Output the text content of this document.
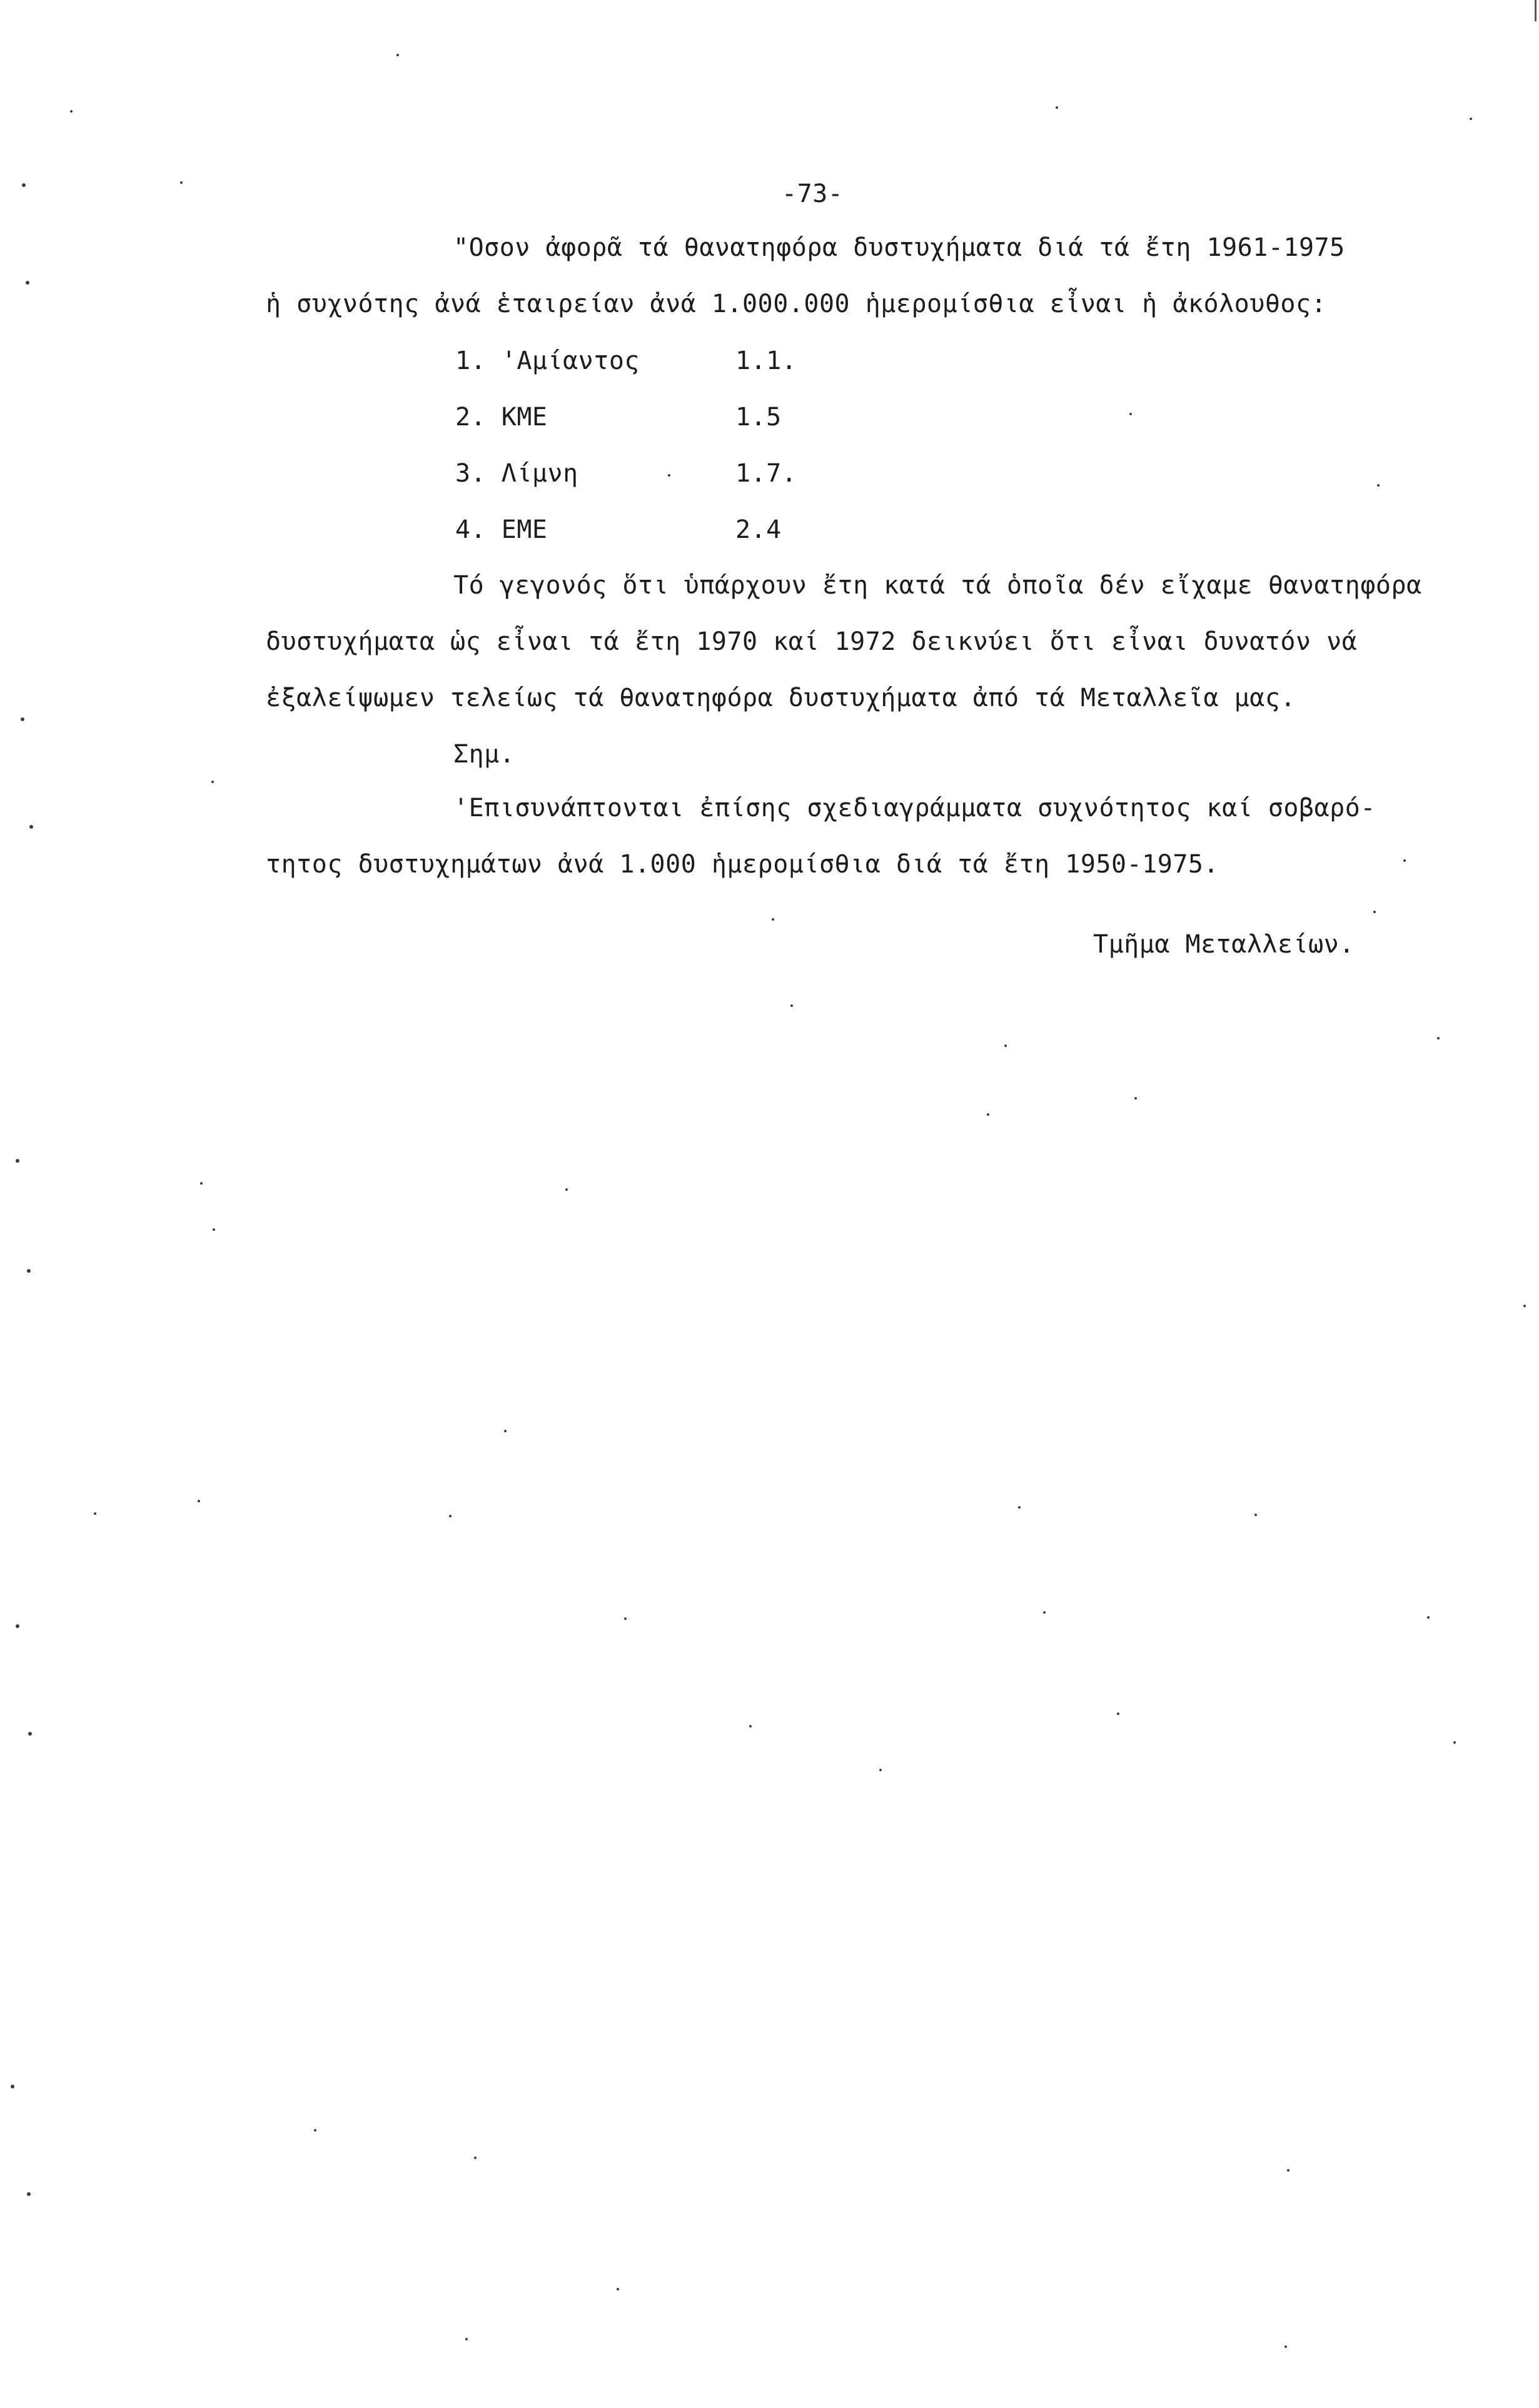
-73-
"Οσον ἀφορᾶ τά θανατηφόρα δυστυχήματα διά τά ἔτη 1961-1975
ἡ συχνότης ἀνά ἑταιρείαν ἀνά 1.000.000 ἡμερομίσθια εἶναι ἡ ἀκόλουθος:
1. 'Αμίαντος	1.1.
2. ΚΜΕ	1.5
3. Λίμνη	1.7.
4. ΕΜΕ	2.4
Τό γεγονός ὅτι ὑπάρχουν ἔτη κατά τά ὁποῖα δέν εἴχαμε θανατηφόρα
δυστυχήματα ὡς εἶναι τά ἔτη 1970 καί 1972 δεικνύει ὅτι εἶναι δυνατόν νά
ἐξαλείψωμεν τελείως τά θανατηφόρα δυστυχήματα ἀπό τά Μεταλλεῖα μας.
Σημ.
'Επισυνάπτονται ἐπίσης σχεδιαγράμματα συχνότητος καί σοβαρό-
τητος δυστυχημάτων ἀνά 1.000 ἡμερομίσθια διά τά ἔτη 1950-1975.
Τμῆμα Μεταλλείων.
